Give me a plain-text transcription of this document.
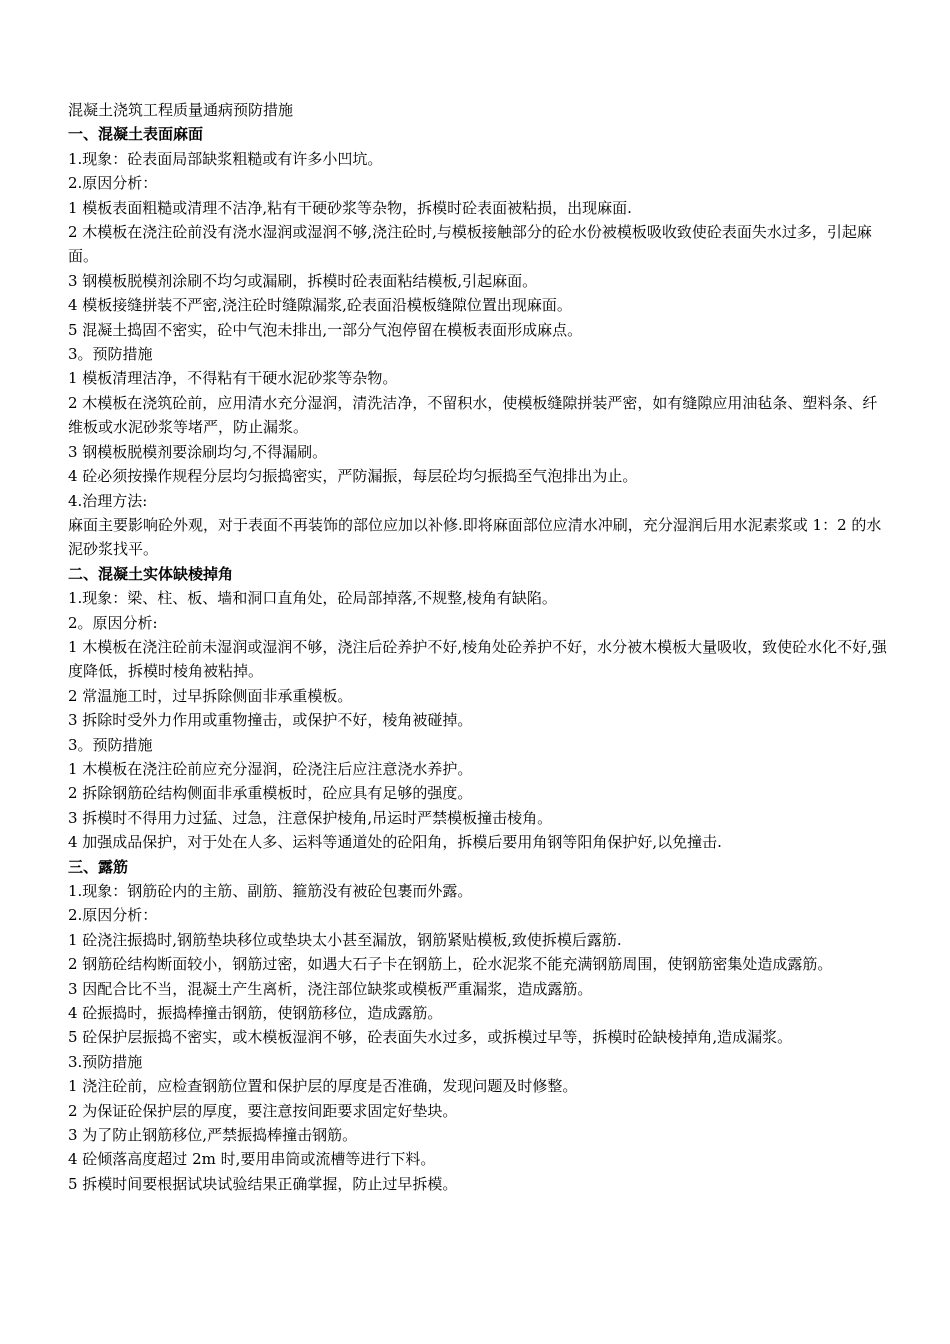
混凝土浇筑工程质量通病预防措施
一、混凝土表面麻面
1.现象：砼表面局部缺浆粗糙或有许多小凹坑。
2.原因分析：
1 模板表面粗糙或清理不洁净,粘有干硬砂浆等杂物，拆模时砼表面被粘损，出现麻面.
2 木模板在浇注砼前没有浇水湿润或湿润不够,浇注砼时,与模板接触部分的砼水份被模板吸收致使砼表面失水过多，引起麻面。
3 钢模板脱模剂涂刷不均匀或漏刷，拆模时砼表面粘结模板,引起麻面。
4 模板接缝拼装不严密,浇注砼时缝隙漏浆,砼表面沿模板缝隙位置出现麻面。
5 混凝土捣固不密实，砼中气泡未排出,一部分气泡停留在模板表面形成麻点。
3。预防措施
1 模板清理洁净，不得粘有干硬水泥砂浆等杂物。
2 木模板在浇筑砼前，应用清水充分湿润，清洗洁净，不留积水，使模板缝隙拼装严密，如有缝隙应用油毡条、塑料条、纤维板或水泥砂浆等堵严，防止漏浆。
3 钢模板脱模剂要涂刷均匀,不得漏刷。
4 砼必须按操作规程分层均匀振捣密实，严防漏振，每层砼均匀振捣至气泡排出为止。
4.治理方法:
麻面主要影响砼外观，对于表面不再装饰的部位应加以补修.即将麻面部位应清水冲刷，充分湿润后用水泥素浆或 1：2 的水泥砂浆找平。
二、混凝土实体缺棱掉角
1.现象：梁、柱、板、墙和洞口直角处，砼局部掉落,不规整,棱角有缺陷。
2。原因分析:
1 木模板在浇注砼前未湿润或湿润不够，浇注后砼养护不好,棱角处砼养护不好，水分被木模板大量吸收，致使砼水化不好,强度降低，拆模时棱角被粘掉。
2 常温施工时，过早拆除侧面非承重模板。
3 拆除时受外力作用或重物撞击，或保护不好，棱角被碰掉。
3。预防措施
1 木模板在浇注砼前应充分湿润，砼浇注后应注意浇水养护。
2 拆除钢筋砼结构侧面非承重模板时，砼应具有足够的强度。
3 拆模时不得用力过猛、过急，注意保护棱角,吊运时严禁模板撞击棱角。
4 加强成品保护，对于处在人多、运料等通道处的砼阳角，拆模后要用角钢等阳角保护好,以免撞击.
三、露筋
1.现象：钢筋砼内的主筋、副筋、箍筋没有被砼包裹而外露。
2.原因分析：
1 砼浇注振捣时,钢筋垫块移位或垫块太小甚至漏放，钢筋紧贴模板,致使拆模后露筋.
2 钢筋砼结构断面较小，钢筋过密，如遇大石子卡在钢筋上，砼水泥浆不能充满钢筋周围，使钢筋密集处造成露筋。
3 因配合比不当，混凝土产生离析，浇注部位缺浆或模板严重漏浆，造成露筋。
4 砼振捣时，振捣棒撞击钢筋，使钢筋移位，造成露筋。
5 砼保护层振捣不密实，或木模板湿润不够，砼表面失水过多，或拆模过早等，拆模时砼缺棱掉角,造成漏浆。
3.预防措施
1 浇注砼前，应检查钢筋位置和保护层的厚度是否准确，发现问题及时修整。
2 为保证砼保护层的厚度，要注意按间距要求固定好垫块。
3 为了防止钢筋移位,严禁振捣棒撞击钢筋。
4 砼倾落高度超过 2m 时,要用串筒或流槽等进行下料。
5 拆模时间要根据试块试验结果正确掌握，防止过早拆模。
